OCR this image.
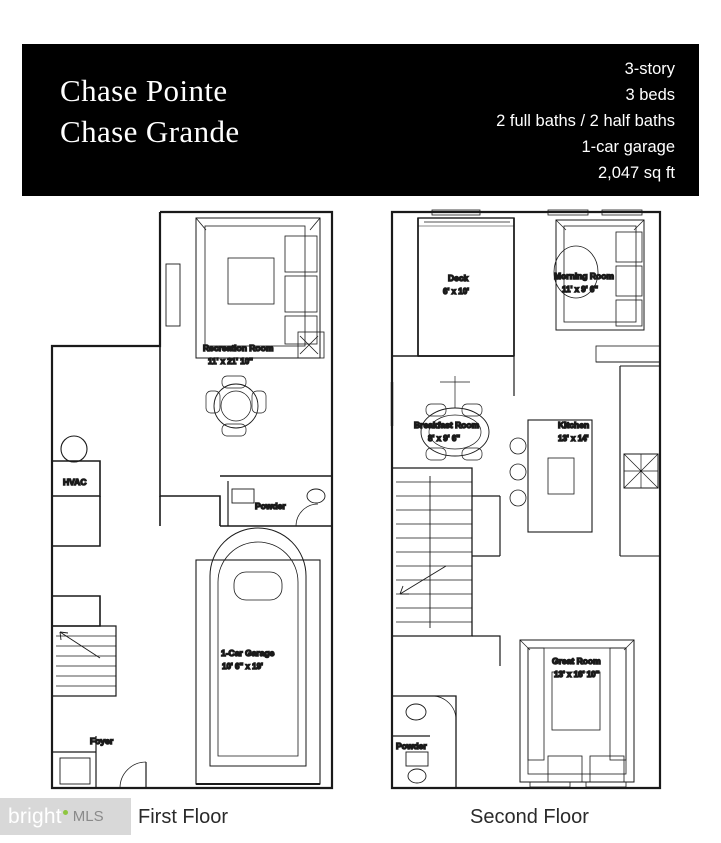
Chase Pointe
Chase Grande
3-story
3 beds
2 full baths / 2 half baths
1-car garage
2,047 sq ft
Recreation Room
11' x 21' 10"
HVAC
Powder
1-Car Garage
10' 6" x 19'
Foyer
Deck
6' x 10'
Morning Room
11' x 9' 6"
Breakfast Room
8' x 9' 6"
Kitchen
13' x 14'
Great Room
13' x 16' 10"
Powder
First Floor	Second Floor
bright MLS
